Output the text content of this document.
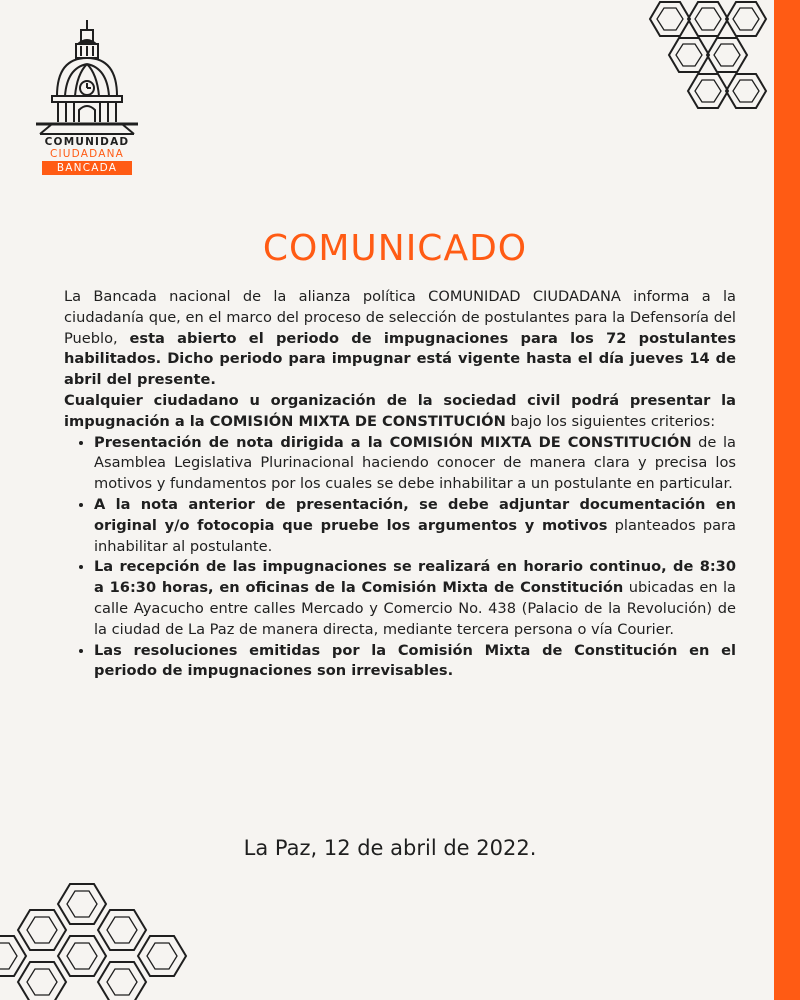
COMUNIDAD
CIUDADANA
BANCADA
COMUNICADO

La Bancada nacional de la alianza política COMUNIDAD CIUDADANA informa a la ciudadanía que, en el marco del proceso de selección de postulantes para la Defensoría del Pueblo, esta abierto el periodo de impugnaciones para los 72 postulantes habilitados. Dicho periodo para impugnar está vigente hasta el día jueves 14 de abril del presente.

Cualquier ciudadano u organización de la sociedad civil podrá presentar la impugnación a la COMISIÓN MIXTA DE CONSTITUCIÓN bajo los siguientes criterios:

• Presentación de nota dirigida a la COMISIÓN MIXTA DE CONSTITUCIÓN de la Asamblea Legislativa Plurinacional haciendo conocer de manera clara y precisa los motivos y fundamentos por los cuales se debe inhabilitar a un postulante en particular.
• A la nota anterior de presentación, se debe adjuntar documentación en original y/o fotocopia que pruebe los argumentos y motivos planteados para inhabilitar al postulante.
• La recepción de las impugnaciones se realizará en horario continuo, de 8:30 a 16:30 horas, en oficinas de la Comisión Mixta de Constitución ubicadas en la calle Ayacucho entre calles Mercado y Comercio No. 438 (Palacio de la Revolución) de la ciudad de La Paz de manera directa, mediante tercera persona o vía Courier.
• Las resoluciones emitidas por la Comisión Mixta de Constitución en el periodo de impugnaciones son irrevisables.
La Paz, 12 de abril de 2022.
